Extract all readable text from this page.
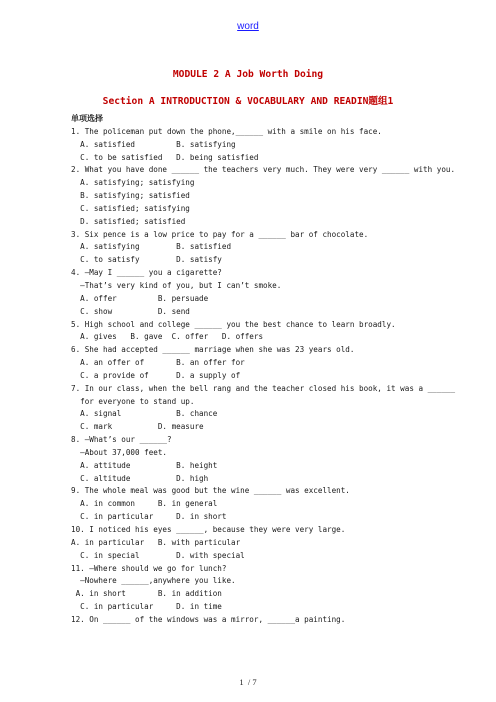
word
MODULE 2 A Job Worth Doing
Section A INTRODUCTION & VOCABULARY AND READIN题组1
单项选择
1. The policeman put down the phone,______ with a smile on his face.
A. satisfied         B. satisfying
C. to be satisfied   D. being satisfied
2. What you have done ______ the teachers very much. They were very ______ with you.
A. satisfying; satisfying
B. satisfying; satisfied
C. satisfied; satisfying
D. satisfied; satisfied
3. Six pence is a low price to pay for a ______ bar of chocolate.
A. satisfying        B. satisfied
C. to satisfy        D. satisfy
4. —May I ______ you a cigarette?
—That’s very kind of you, but I can’t smoke.
A. offer         B. persuade
C. show          D. send
5. High school and college ______ you the best chance to learn broadly.
A. gives   B. gave  C. offer   D. offers
6. She had accepted ______ marriage when she was 23 years old.
A. an offer of       B. an offer for
C. a provide of      D. a supply of
7. In our class, when the bell rang and the teacher closed his book, it was a ______
for everyone to stand up.
A. signal            B. chance
C. mark          D. measure
8. —What’s our ______?
—About 37,000 feet.
A. attitude          B. height
C. altitude          D. high
9. The whole meal was good but the wine ______ was excellent.
A. in common     B. in general
C. in particular     D. in short
10. I noticed his eyes ______, because they were very large.
A. in particular   B. with particular
C. in special        D. with special
11. —Where should we go for lunch?
—Nowhere ______,anywhere you like.
A. in short       B. in addition
C. in particular     D. in time
12. On ______ of the windows was a mirror, ______a painting.
1  / 7
